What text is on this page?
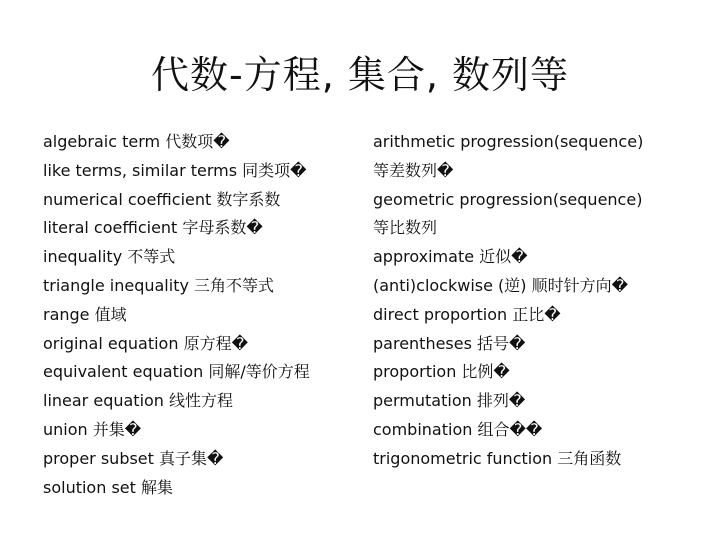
代数-方程, 集合, 数列等
algebraic term 代数项�
like terms, similar terms 同类项�
numerical coefficient 数字系数
literal coefficient 字母系数�
inequality 不等式
triangle inequality 三角不等式
range 值域
original equation 原方程�
equivalent equation 同解/等价方程
linear equation 线性方程
union 并集�
proper subset 真子集�
solution set 解集
arithmetic progression(sequence)
等差数列�
geometric progression(sequence)
等比数列
approximate 近似�
(anti)clockwise (逆) 顺时针方向�
direct proportion 正比�
parentheses 括号�
proportion 比例�
permutation 排列�
combination 组合��
trigonometric function 三角函数
